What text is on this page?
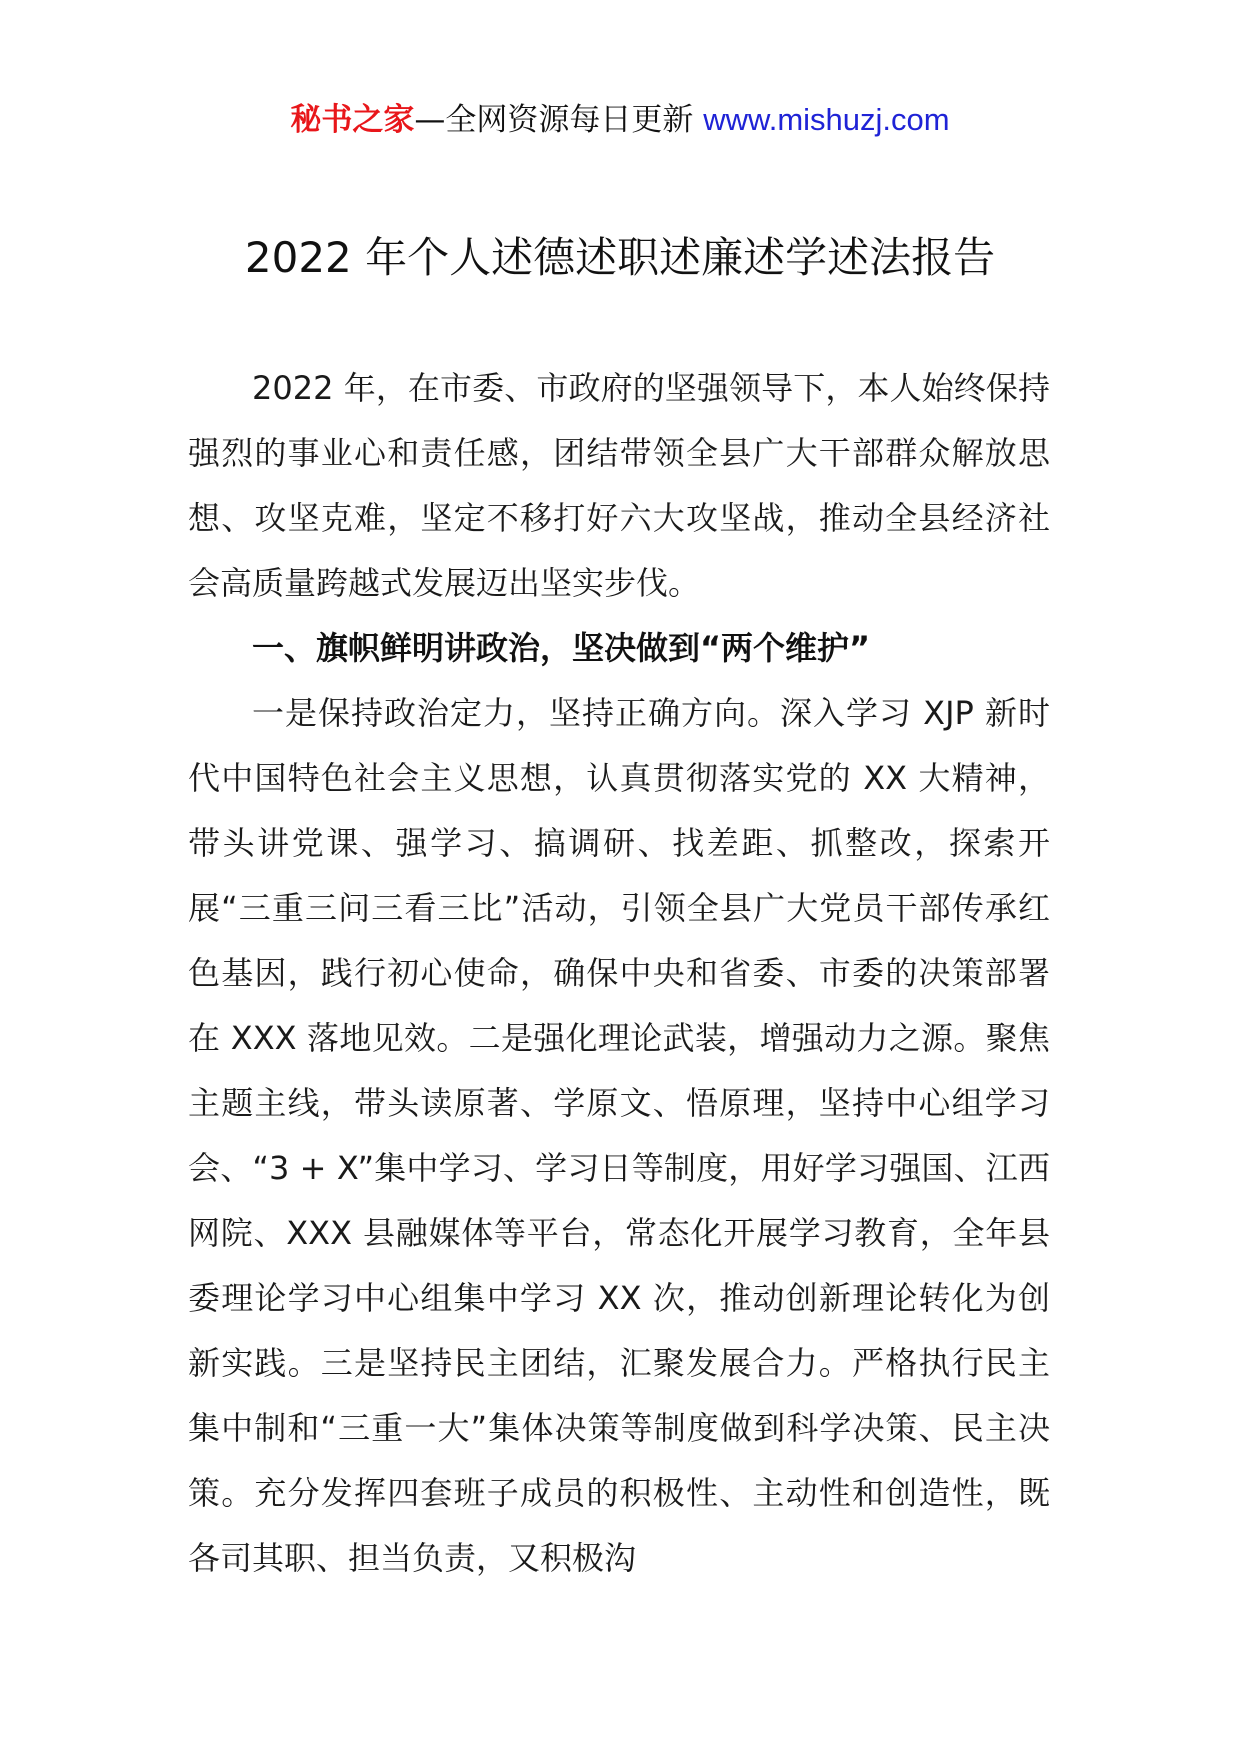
秘书之家—全网资源每日更新 www.mishuzj.com
2022 年个人述德述职述廉述学述法报告

2022 年，在市委、市政府的坚强领导下，本人始终保持强烈的事业心和责任感，团结带领全县广大干部群众解放思想、攻坚克难，坚定不移打好六大攻坚战，推动全县经济社会高质量跨越式发展迈出坚实步伐。

一、旗帜鲜明讲政治，坚决做到“两个维护”

一是保持政治定力，坚持正确方向。深入学习 XJP 新时代中国特色社会主义思想，认真贯彻落实党的 XX 大精神，带头讲党课、强学习、搞调研、找差距、抓整改，探索开展“三重三问三看三比”活动，引领全县广大党员干部传承红色基因，践行初心使命，确保中央和省委、市委的决策部署在 XXX 落地见效。二是强化理论武装，增强动力之源。聚焦主题主线，带头读原著、学原文、悟原理，坚持中心组学习会、“3 + X”集中学习、学习日等制度，用好学习强国、江西网院、XXX 县融媒体等平台，常态化开展学习教育，全年县委理论学习中心组集中学习 XX 次，推动创新理论转化为创新实践。三是坚持民主团结，汇聚发展合力。严格执行民主集中制和“三重一大”集体决策等制度做到科学决策、民主决策。充分发挥四套班子成员的积极性、主动性和创造性，既各司其职、担当负责，又积极沟
